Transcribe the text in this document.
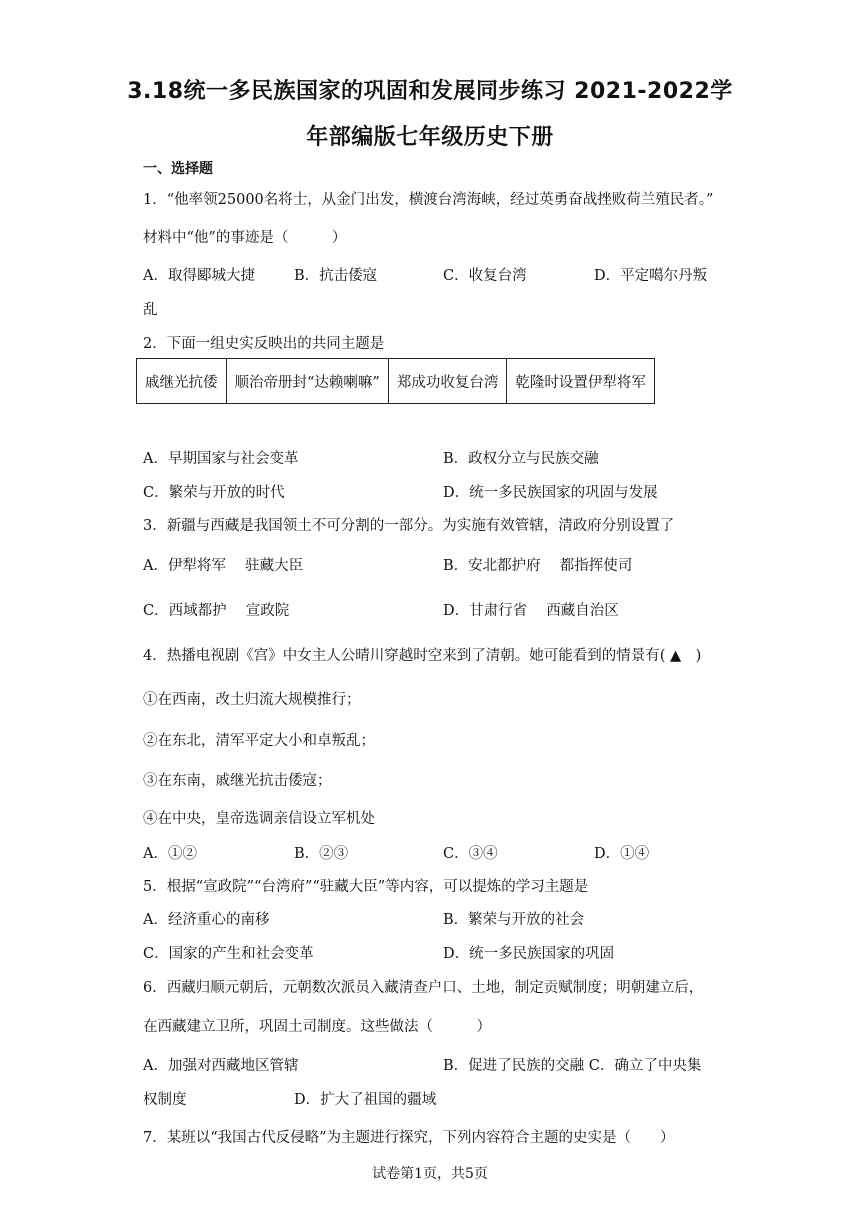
3.18统一多民族国家的巩固和发展同步练习 2021-2022学
年部编版七年级历史下册
一、选择题
1．“他率领25000名将士，从金门出发，横渡台湾海峡，经过英勇奋战挫败荷兰殖民者。”
材料中“他”的事迹是（　　　）
A．取得郾城大捷	B．抗击倭寇	C．收复台湾	D．平定噶尔丹叛
乱
2．下面一组史实反映出的共同主题是
戚继光抗倭	顺治帝册封“达赖喇嘛”	郑成功收复台湾	乾隆时设置伊犁将军
A．早期国家与社会变革	B．政权分立与民族交融
C．繁荣与开放的时代	D．统一多民族国家的巩固与发展
3．新疆与西藏是我国领土不可分割的一部分。为实施有效管辖，清政府分别设置了
A．伊犁将军　 驻藏大臣	B．安北都护府　 都指挥使司
C．西域都护　 宣政院	D．甘肃行省　 西藏自治区
4．热播电视剧《宫》中女主人公晴川穿越时空来到了清朝。她可能看到的情景有( ▲　)
①在西南，改土归流大规模推行；
②在东北，清军平定大小和卓叛乱；
③在东南，戚继光抗击倭寇；
④在中央，皇帝选调亲信设立军机处
A．①②	B．②③	C．③④	D．①④
5．根据“宣政院”“台湾府”“驻藏大臣”等内容，可以提炼的学习主题是
A．经济重心的南移	B．繁荣与开放的社会
C．国家的产生和社会变革	D．统一多民族国家的巩固
6．西藏归顺元朝后，元朝数次派员入藏清查户口、土地，制定贡赋制度；明朝建立后，
在西藏建立卫所，巩固土司制度。这些做法（　　　）
A．加强对西藏地区管辖	B．促进了民族的交融 C．确立了中央集
权制度	D．扩大了祖国的疆域
7．某班以“我国古代反侵略”为主题进行探究，下列内容符合主题的史实是（　　）
试卷第1页，共5页
